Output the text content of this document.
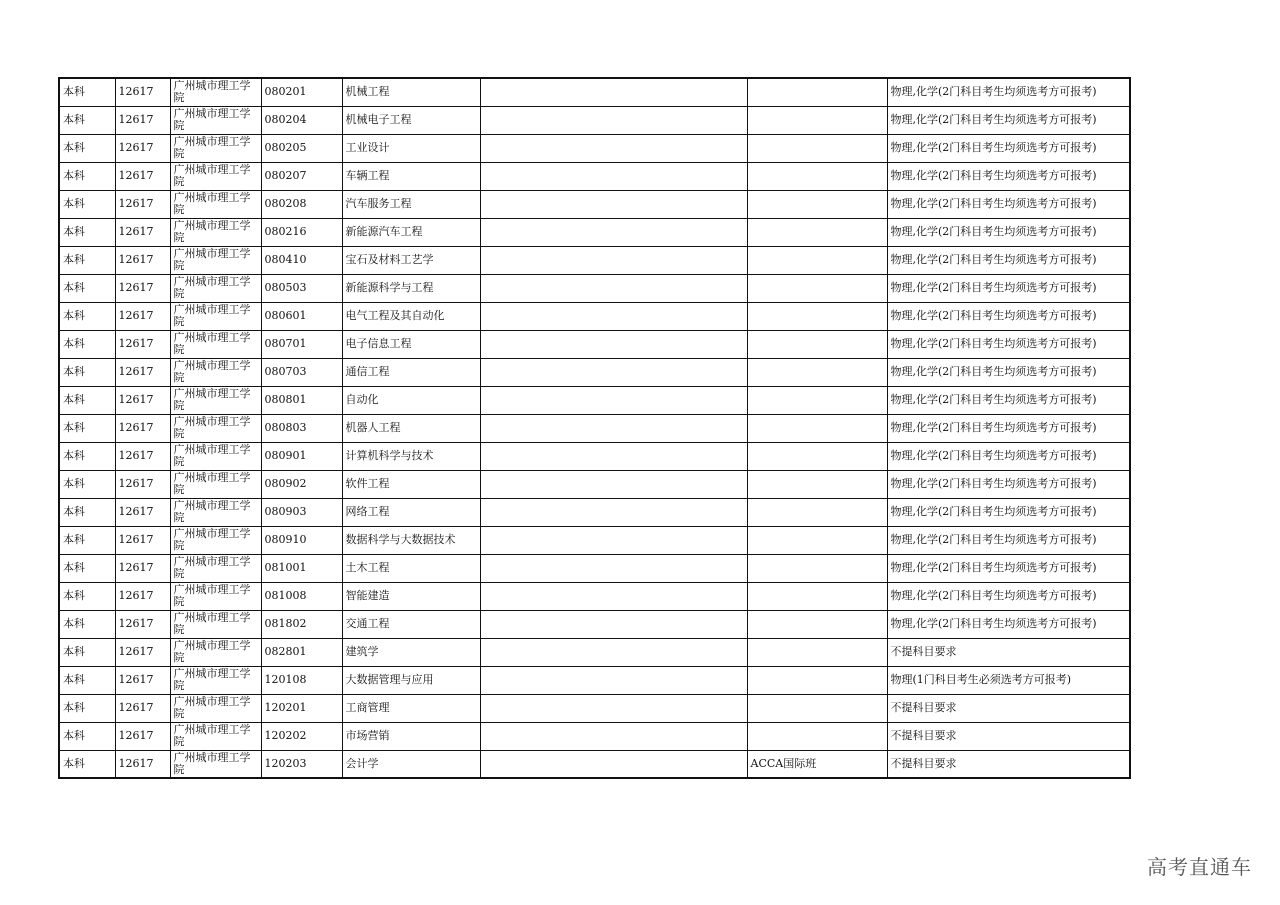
本科	12617	广州城市理工学院	080201	机械工程			物理,化学(2门科目考生均须选考方可报考)
本科	12617	广州城市理工学院	080204	机械电子工程			物理,化学(2门科目考生均须选考方可报考)
本科	12617	广州城市理工学院	080205	工业设计			物理,化学(2门科目考生均须选考方可报考)
本科	12617	广州城市理工学院	080207	车辆工程			物理,化学(2门科目考生均须选考方可报考)
本科	12617	广州城市理工学院	080208	汽车服务工程			物理,化学(2门科目考生均须选考方可报考)
本科	12617	广州城市理工学院	080216	新能源汽车工程			物理,化学(2门科目考生均须选考方可报考)
本科	12617	广州城市理工学院	080410	宝石及材料工艺学			物理,化学(2门科目考生均须选考方可报考)
本科	12617	广州城市理工学院	080503	新能源科学与工程			物理,化学(2门科目考生均须选考方可报考)
本科	12617	广州城市理工学院	080601	电气工程及其自动化			物理,化学(2门科目考生均须选考方可报考)
本科	12617	广州城市理工学院	080701	电子信息工程			物理,化学(2门科目考生均须选考方可报考)
本科	12617	广州城市理工学院	080703	通信工程			物理,化学(2门科目考生均须选考方可报考)
本科	12617	广州城市理工学院	080801	自动化			物理,化学(2门科目考生均须选考方可报考)
本科	12617	广州城市理工学院	080803	机器人工程			物理,化学(2门科目考生均须选考方可报考)
本科	12617	广州城市理工学院	080901	计算机科学与技术			物理,化学(2门科目考生均须选考方可报考)
本科	12617	广州城市理工学院	080902	软件工程			物理,化学(2门科目考生均须选考方可报考)
本科	12617	广州城市理工学院	080903	网络工程			物理,化学(2门科目考生均须选考方可报考)
本科	12617	广州城市理工学院	080910	数据科学与大数据技术			物理,化学(2门科目考生均须选考方可报考)
本科	12617	广州城市理工学院	081001	土木工程			物理,化学(2门科目考生均须选考方可报考)
本科	12617	广州城市理工学院	081008	智能建造			物理,化学(2门科目考生均须选考方可报考)
本科	12617	广州城市理工学院	081802	交通工程			物理,化学(2门科目考生均须选考方可报考)
本科	12617	广州城市理工学院	082801	建筑学			不提科目要求
本科	12617	广州城市理工学院	120108	大数据管理与应用			物理(1门科目考生必须选考方可报考)
本科	12617	广州城市理工学院	120201	工商管理			不提科目要求
本科	12617	广州城市理工学院	120202	市场营销			不提科目要求
本科	12617	广州城市理工学院	120203	会计学		ACCA国际班	不提科目要求
高考直通车
